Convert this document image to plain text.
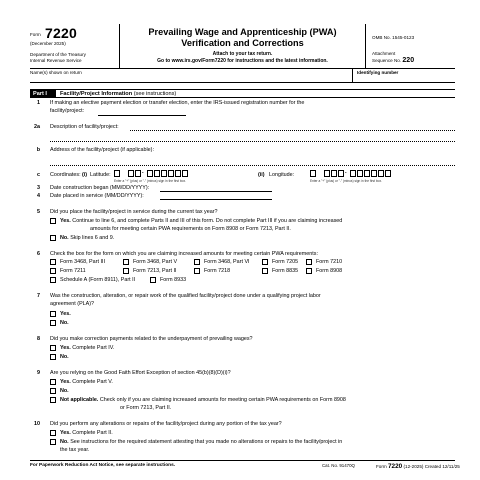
Form 7220
(December 2025)
Department of the Treasury
Internal Revenue Service
Prevailing Wage and Apprenticeship (PWA)
Verification and Corrections
Attach to your tax return.
Go to www.irs.gov/Form7220 for instructions and the latest information.
OMB No. 1545-0123
Attachment
Sequence No. 220
Name(s) shown on return	Identifying number
Part I	Facility/Project Information (see instructions)
1 If making an elective payment election or transfer election, enter the IRS-issued registration number for the
facility/project:
2a Description of facility/project:
b Address of the facility/project (if applicable):
c Coordinates: (i) Latitude:	.
Enter a "+" (plus) or "-" (minus) sign in the first box.
(ii) Longitude:	.
Enter a "+" (plus) or "-" (minus) sign in the first box.
3 Date construction began (MM/DD/YYYY):
4 Date placed in service (MM/DD/YYYY):
5 Did you place the facility/project in service during the current tax year?
Yes. Continue to line 6, and complete Parts II and III of this form. Do not complete Part III if you are claiming increased
amounts for meeting certain PWA requirements on Form 8908 or Form 7213, Part II.
No. Skip lines 6 and 9.
6 Check the box for the form on which you are claiming increased amounts for meeting certain PWA requirements:
Form 3468, Part III	Form 3468, Part V	Form 3468, Part VI	Form 7205	Form 7210
Form 7211	Form 7213, Part II	Form 7218	Form 8835	Form 8908
Schedule A (Form 8911), Part II	Form 8933
7 Was the construction, alteration, or repair work of the qualified facility/project done under a qualifying project labor
agreement (PLA)?
Yes.
No.
8 Did you make correction payments related to the underpayment of prevailing wages?
Yes. Complete Part IV.
No.
9 Are you relying on the Good Faith Effort Exception of section 45(b)(8)(D)(i)?
Yes. Complete Part V.
No.
Not applicable. Check only if you are claiming increased amounts for meeting certain PWA requirements on Form 8908
or Form 7213, Part II.
10 Did you perform any alterations or repairs of the facility/project during any portion of the tax year?
Yes. Complete Part II.
No. See instructions for the required statement attesting that you made no alterations or repairs to the facility/project in
the tax year.
For Paperwork Reduction Act Notice, see separate instructions.	Cat. No. 91470Q	Form 7220 (12-2025) Created 12/11/25
